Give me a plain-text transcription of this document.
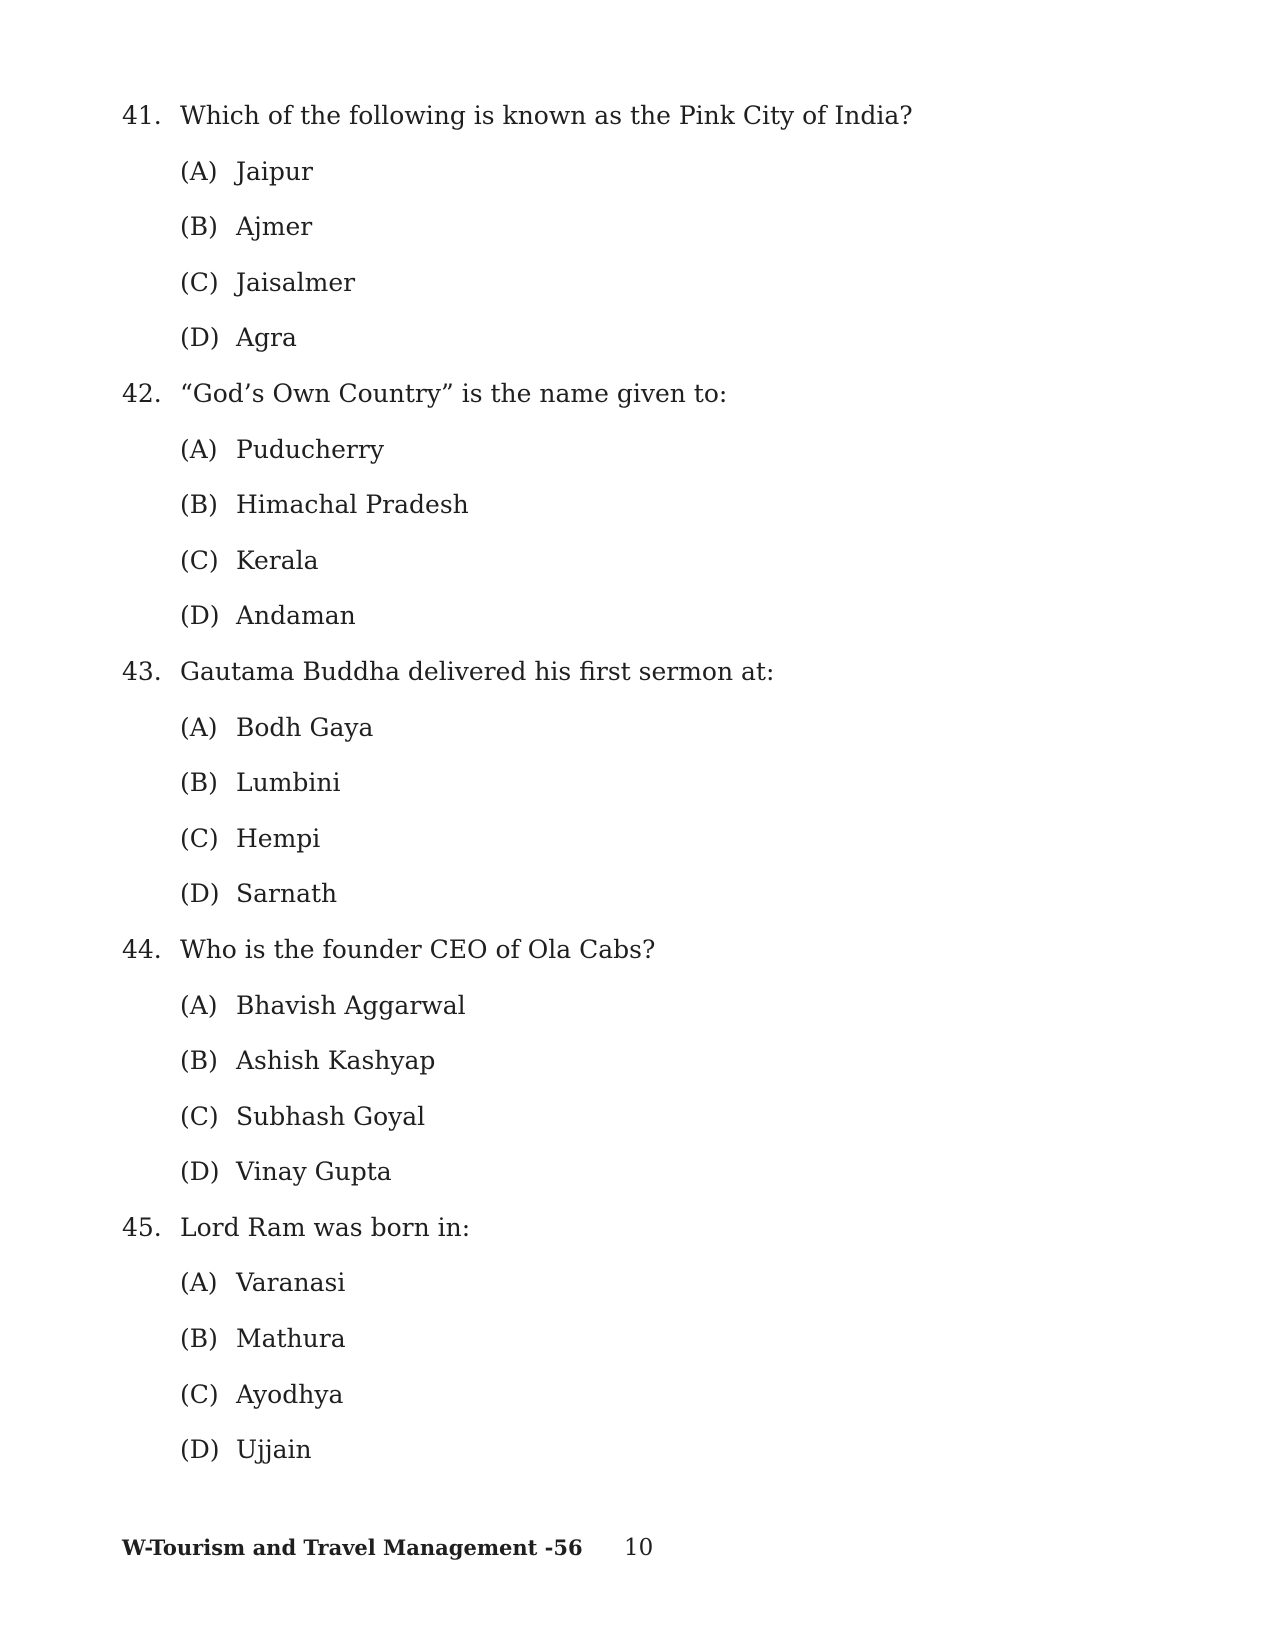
41. Which of the following is known as the Pink City of India?
(A) Jaipur
(B) Ajmer
(C) Jaisalmer
(D) Agra
42. “God’s Own Country” is the name given to:
(A) Puducherry
(B) Himachal Pradesh
(C) Kerala
(D) Andaman
43. Gautama Buddha delivered his first sermon at:
(A) Bodh Gaya
(B) Lumbini
(C) Hempi
(D) Sarnath
44. Who is the founder CEO of Ola Cabs?
(A) Bhavish Aggarwal
(B) Ashish Kashyap
(C) Subhash Goyal
(D) Vinay Gupta
45. Lord Ram was born in:
(A) Varanasi
(B) Mathura
(C) Ayodhya
(D) Ujjain
W-Tourism and Travel Management -56 10
